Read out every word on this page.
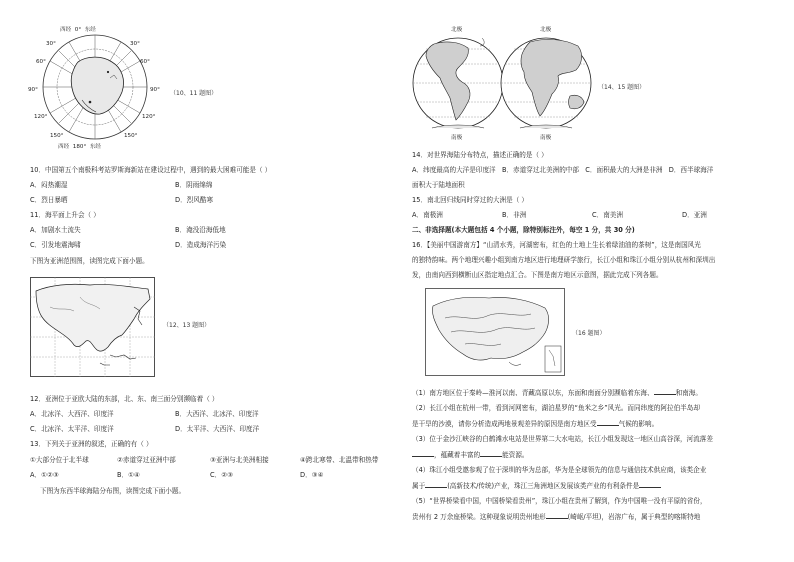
西经 0° 东经
30°
60°
90°
120°
150°
30°
60°
90°
120°
150°
西经 180° 东经
（10、11 题图）
10．中国第五个南极科考站罗斯海新站在建设过程中，遇到的最大困难可能是（ ）
A．闷热潮湿	B．阴雨绵绵
C．烈日暴晒	D．烈风酷寒
11．海平面上升会（ ）
A．加剧水土流失	B．淹没沿海低地
C．引发地震海啸	D．造成海洋污染
下图为亚洲范围图，读图完成下面小题。
（12、13 题图）
12．亚洲位于亚欧大陆的东部，北、东、南三面分别濒临着（ ）
A．北冰洋、大西洋、印度洋	B．大西洋、北冰洋、印度洋
C．北冰洋、太平洋、印度洋	D．太平洋、大西洋、印度洋
13．下列关于亚洲的叙述，正确的有（ ）
①大部分位于北半球	②赤道穿过亚洲中部	③亚洲与北美洲相接	④跨北寒带、北温带和热带
A．①②③	B．①④	C．②③	D．③④
下图为东西半球海陆分布图，读图完成下面小题。
北极	北极
南极	南极
（14、15 题图）
14．对世界海陆分布特点，描述正确的是（ ）
A．纬度最高的大洋是印度洋 B．赤道穿过北美洲的中部 C．面积最大的大洲是非洲 D．西半球海洋
面积大于陆地面积
15．南北回归线同时穿过的大洲是（ ）
A．南极洲	B．非洲	C．南美洲	D．亚洲
二、非选择题(本大题包括 4 个小题，除特别标注外，每空 1 分，共 30 分)
16．【美丽中国游南方】“山清水秀，河湖密布，红色的土地上生长着绿油油的茶树”，这是南国风光
的独特韵味。两个地理兴趣小组到南方地区进行地理研学旅行，长江小组和珠江小组分别从杭州和深圳出
发，由南向西到横断山区指定地点汇合。下图是南方地区示意图，据此完成下列各题。
（16 题图）
（1）南方地区位于秦岭—淮河以南、青藏高原以东，东面和南面分别濒临着东海、	和南海。
（2）长江小组在杭州一带，看到河网密布，湖泊星罗的“鱼米之乡”风光。而同纬度的阿拉伯半岛却
是干旱的沙漠，请你分析造成两地景观差异的原因是南方地区受	气候的影响。
（3）位于金沙江峡谷的白鹤滩水电站是世界第二大水电站，长江小组发现这一地区山高谷深，河流落差
，蕴藏着丰富的	能资源。
（4）珠江小组受邀参观了位于深圳的华为总部，华为是全球领先的信息与通信技术供应商，该类企业
属于	(高新技术/传统)产业，珠江三角洲地区发展该类产业的有利条件是
（5）“世界桥梁看中国，中国桥梁看贵州”，珠江小组在贵州了解到，作为中国唯一没有平原的省份，
贵州有 2 万余座桥梁。这种现象说明贵州地形	(崎岖/平坦)，岩溶广布，属于典型的喀斯特地
